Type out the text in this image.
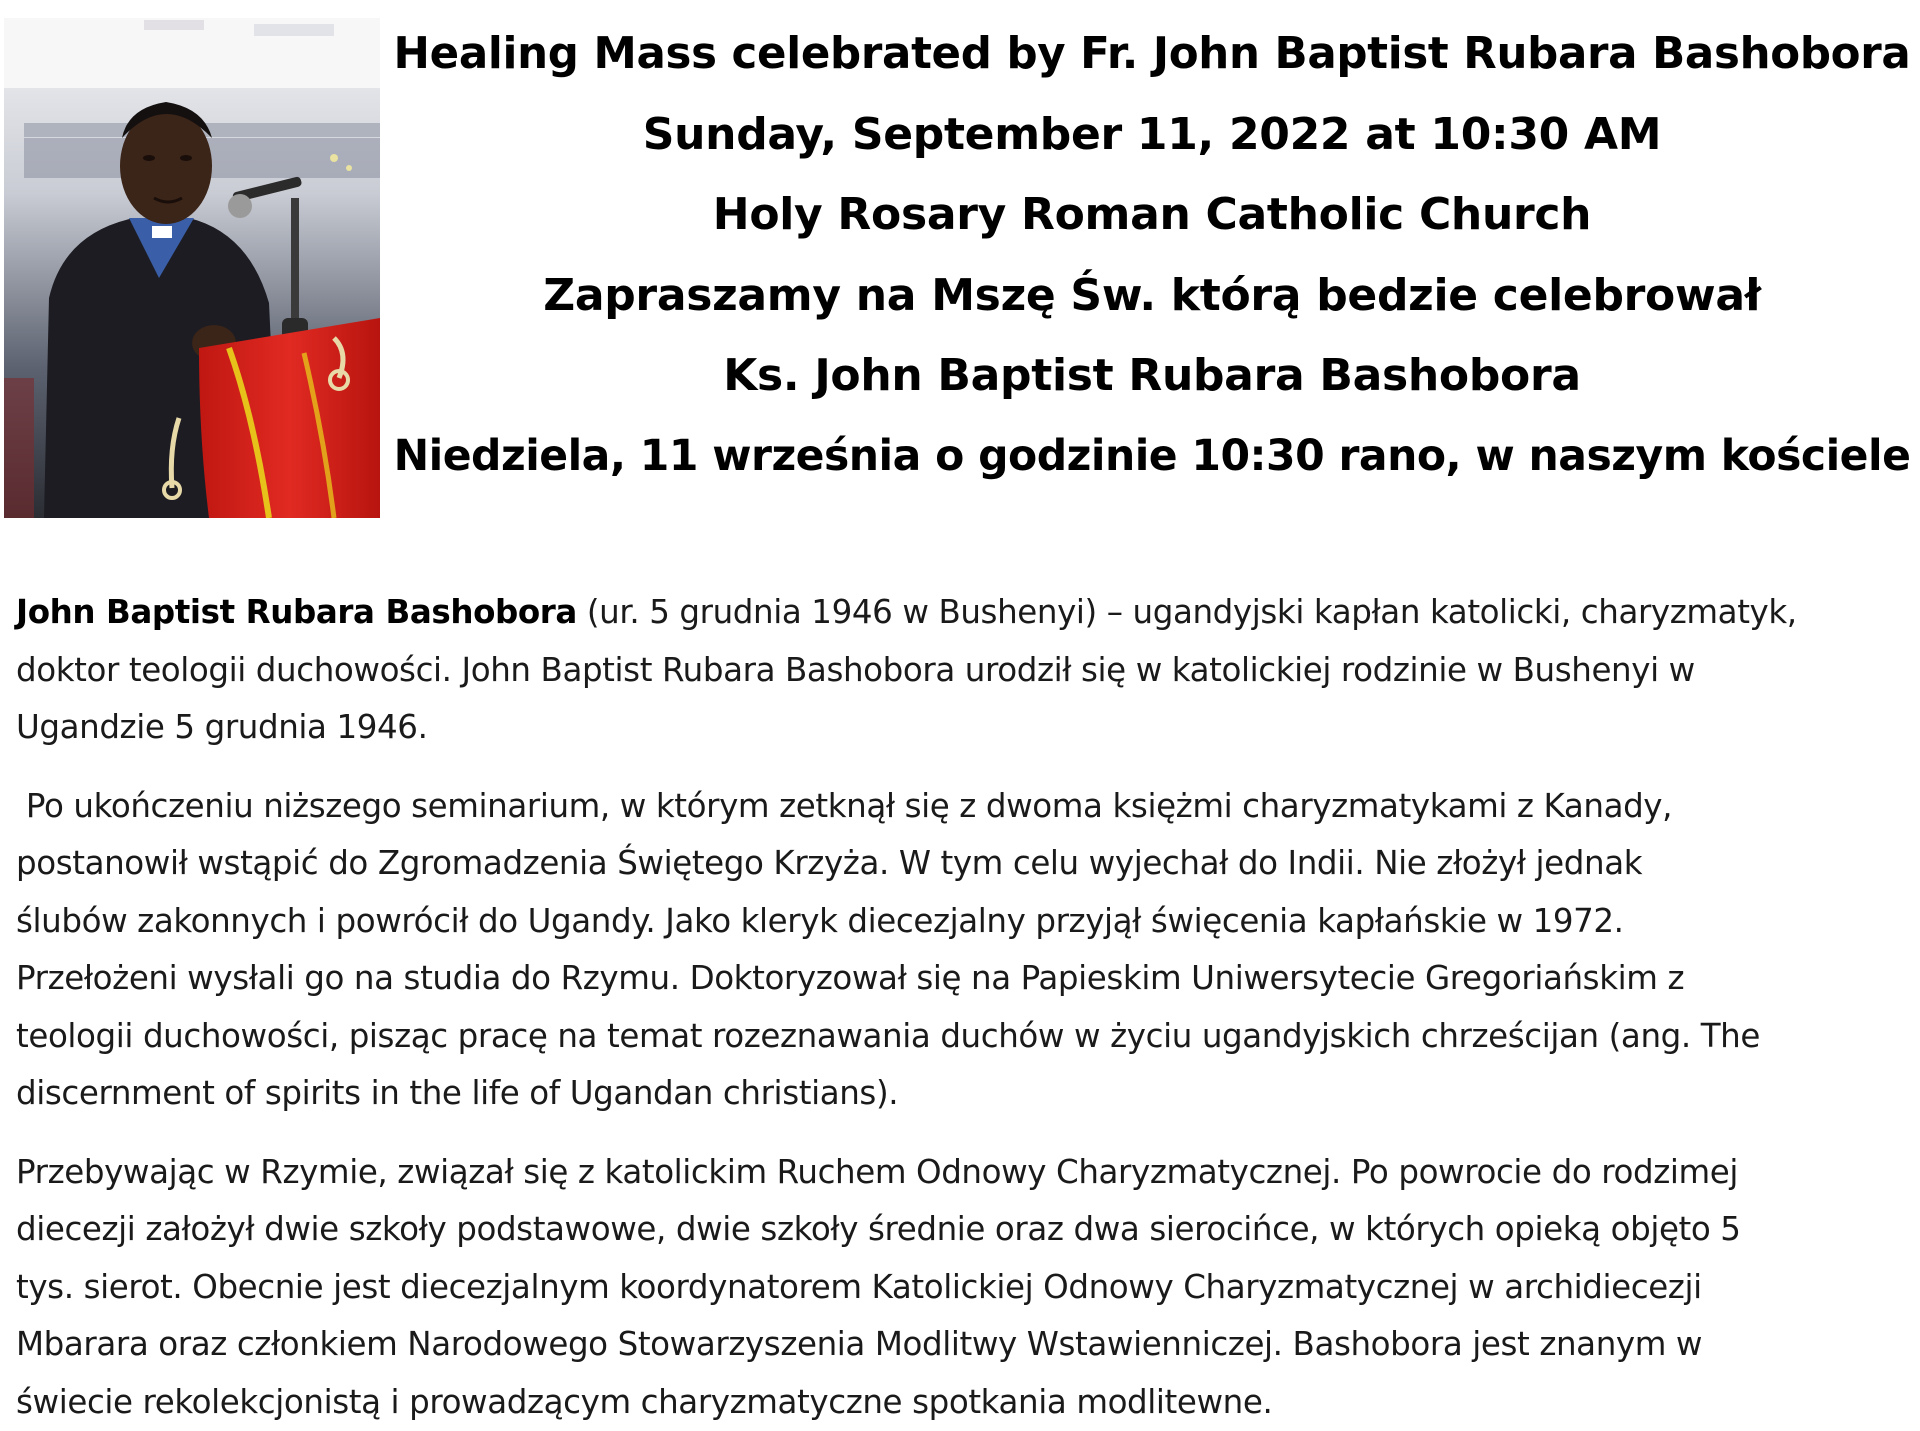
Healing Mass celebrated by Fr. John Baptist Rubara Bashobora
Sunday, September 11, 2022 at 10:30 AM
Holy Rosary Roman Catholic Church
Zapraszamy na Mszę Św. którą bedzie celebrował
Ks. John Baptist Rubara Bashobora
Niedziela, 11 września o godzinie 10:30 rano, w naszym kościele

John Baptist Rubara Bashobora (ur. 5 grudnia 1946 w Bushenyi) – ugandyjski kapłan katolicki, charyzmatyk,
doktor teologii duchowości. John Baptist Rubara Bashobora urodził się w katolickiej rodzinie w Bushenyi w
Ugandzie 5 grudnia 1946.

Po ukończeniu niższego seminarium, w którym zetknął się z dwoma księżmi charyzmatykami z Kanady,
postanowił wstąpić do Zgromadzenia Świętego Krzyża. W tym celu wyjechał do Indii. Nie złożył jednak
ślubów zakonnych i powrócił do Ugandy. Jako kleryk diecezjalny przyjął święcenia kapłańskie w 1972.
Przełożeni wysłali go na studia do Rzymu. Doktoryzował się na Papieskim Uniwersytecie Gregoriańskim z
teologii duchowości, pisząc pracę na temat rozeznawania duchów w życiu ugandyjskich chrześcijan (ang. The
discernment of spirits in the life of Ugandan christians).

Przebywając w Rzymie, związał się z katolickim Ruchem Odnowy Charyzmatycznej. Po powrocie do rodzimej
diecezji założył dwie szkoły podstawowe, dwie szkoły średnie oraz dwa sierocińce, w których opieką objęto 5
tys. sierot. Obecnie jest diecezjalnym koordynatorem Katolickiej Odnowy Charyzmatycznej w archidiecezji
Mbarara oraz członkiem Narodowego Stowarzyszenia Modlitwy Wstawienniczej. Bashobora jest znanym w
świecie rekolekcjonistą i prowadzącym charyzmatyczne spotkania modlitewne.
